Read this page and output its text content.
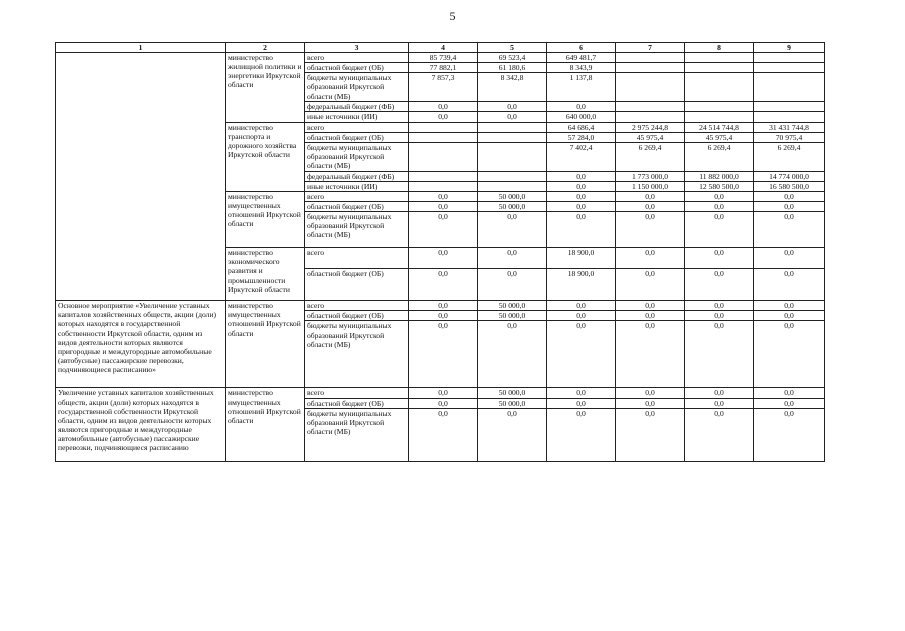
5
1	2	3	4	5	6	7	8	9
	министерство жилищной политики и энергетики Иркутской области	всего	85 739,4	69 523,4	649 481,7			
		областной бюджет (ОБ)	77 882,1	61 180,6	8 343,9			
		бюджеты муниципальных образований Иркутской области (МБ)	7 857,3	8 342,8	1 137,8			
		федеральный бюджет (ФБ)	0,0	0,0	0,0			
		иные источники (ИИ)	0,0	0,0	640 000,0			
	министерство транспорта и дорожного хозяйства Иркутской области	всего			64 686,4	2 975 244,8	24 514 744,8	31 431 744,8
		областной бюджет (ОБ)			57 284,0	45 975,4	45 975,4	70 975,4
		бюджеты муниципальных образований Иркутской области (МБ)			7 402,4	6 269,4	6 269,4	6 269,4
		федеральный бюджет (ФБ)			0,0	1 773 000,0	11 882 000,0	14 774 000,0
		иные источники (ИИ)			0,0	1 150 000,0	12 580 500,0	16 580 500,0
	министерство имущественных отношений Иркутской области	всего	0,0	50 000,0	0,0	0,0	0,0	0,0
		областной бюджет (ОБ)	0,0	50 000,0	0,0	0,0	0,0	0,0
		бюджеты муниципальных образований Иркутской области (МБ)	0,0	0,0	0,0	0,0	0,0	0,0
	министерство экономического развития и промышленности Иркутской области	всего	0,0	0,0	18 900,0	0,0	0,0	0,0
		областной бюджет (ОБ)	0,0	0,0	18 900,0	0,0	0,0	0,0
Основное мероприятие «Увеличение уставных капиталов хозяйственных обществ, акции (доли) которых находятся в государственной собственности Иркутской области, одним из видов деятельности которых являются пригородные и междугородные автомобильные (автобусные) пассажирские перевозки, подчиняющиеся расписанию»	министерство имущественных отношений Иркутской области	всего	0,0	50 000,0	0,0	0,0	0,0	0,0
		областной бюджет (ОБ)	0,0	50 000,0	0,0	0,0	0,0	0,0
		бюджеты муниципальных образований Иркутской области (МБ)	0,0	0,0	0,0	0,0	0,0	0,0
Увеличение уставных капиталов хозяйственных обществ, акции (доли) которых находятся в государственной собственности Иркутской области, одним из видов деятельности которых являются пригородные и междугородные автомобильные (автобусные) пассажирские перевозки, подчиняющиеся расписанию	министерство имущественных отношений Иркутской области	всего	0,0	50 000,0	0,0	0,0	0,0	0,0
		областной бюджет (ОБ)	0,0	50 000,0	0,0	0,0	0,0	0,0
		бюджеты муниципальных образований Иркутской области (МБ)	0,0	0,0	0,0	0,0	0,0	0,0
